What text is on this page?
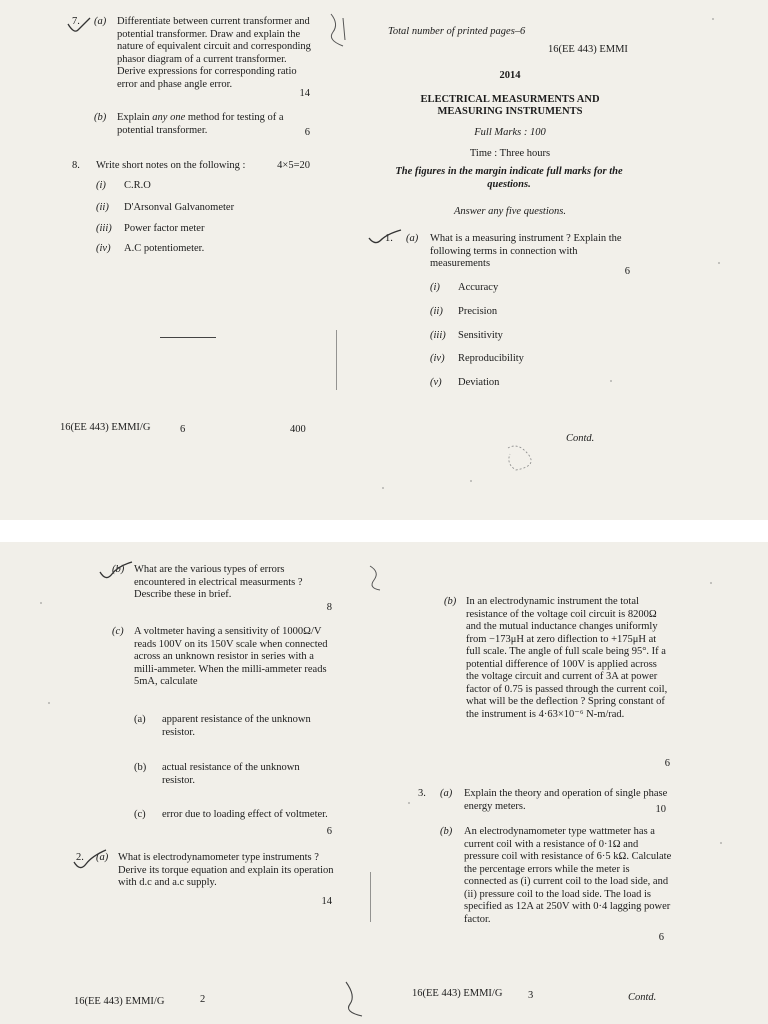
7.	(a)	Differentiate between current transformer and potential transformer. Draw and explain the nature of equivalent circuit and corresponding phasor diagram of a current transformer. Derive expressions for corresponding ratio error and phase angle error.
14
(b)	Explain any one method for testing of a potential transformer.	6
8.	Write short notes on the following :	4×5=20
(i)	C.R.O
(ii)	D'Arsonval Galvanometer
(iii)	Power factor meter
(iv)	A.C potentiometer.
16(EE 443) EMMI/G	6	400
Total number of printed pages–6
16(EE 443) EMMI
2014
ELECTRICAL MEASURMENTS AND
MEASURING INSTRUMENTS
Full Marks : 100
Time : Three hours
The figures in the margin indicate full marks for the questions.
Answer any five questions.
1.	(a)	What is a measuring instrument ? Explain the following terms in connection with measurements
6
(i)	Accuracy
(ii)	Precision
(iii)	Sensitivity
(iv)	Reproducibility
(v)	Deviation
Contd.
(b) What are the various types of errors encountered in electrical measurments ? Describe these in brief.
8
(c) A voltmeter having a sensitivity of 1000Ω/V reads 100V on its 150V scale when connected across an unknown resistor in series with a milli-ammeter. When the milli-ammeter reads 5mA, calculate
(a)	apparent resistance of the unknown resistor.
(b)	actual resistance of the unknown resistor.
(c)	error due to loading effect of voltmeter.
6
2.	(a) What is electrodynamometer type instruments ? Derive its torque equation and explain its operation with d.c and a.c supply.
14
16(EE 443) EMMI/G	2
(b) In an electrodynamic instrument the total resistance of the voltage coil circuit is 8200Ω and the mutual inductance changes uniformly from −173μH at zero diflection to +175μH at full scale. The angle of full scale being 95°. If a potential difference of 100V is applied across the voltage circuit and current of 3A at power factor of 0.75 is passed through the current coil, what will be the deflection ? Spring constant of the instrument is 4·63×10⁻⁶ N-m/rad.
6
3.	(a)	Explain the theory and operation of single phase energy meters.	10
(b)	An electrodynamometer type wattmeter has a current coil with a resistance of 0·1Ω and pressure coil with resistance of 6·5 kΩ. Calculate the percentage errors while the meter is connected as (i) current coil to the load side, and (ii) pressure coil to the load side. The load is specified as 12A at 250V with 0·4 lagging power factor.
6
16(EE 443) EMMI/G	3	Contd.
